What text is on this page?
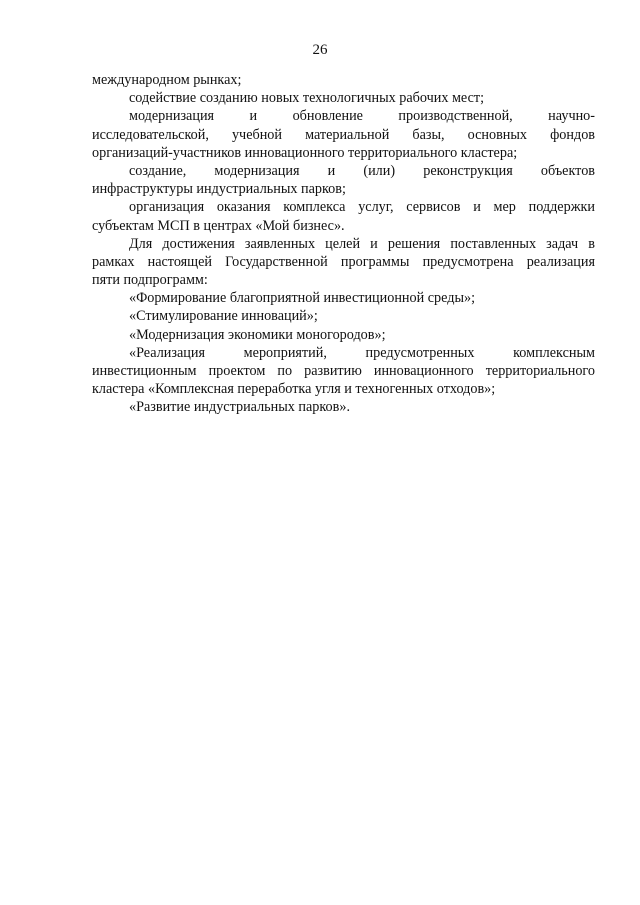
26
международном рынках;
содействие созданию новых технологичных рабочих мест;
модернизация и обновление производственной, научно-
исследовательской, учебной материальной базы, основных фондов
организаций-участников инновационного территориального кластера;
создание, модернизация и (или) реконструкция объектов
инфраструктуры индустриальных парков;
организация оказания комплекса услуг, сервисов и мер поддержки
субъектам МСП в центрах «Мой бизнес».
Для достижения заявленных целей и решения поставленных задач в
рамках настоящей Государственной программы предусмотрена реализация
пяти подпрограмм:
«Формирование благоприятной инвестиционной среды»;
«Стимулирование инноваций»;
«Модернизация экономики моногородов»;
«Реализация мероприятий, предусмотренных комплексным
инвестиционным проектом по развитию инновационного территориального
кластера «Комплексная переработка угля и техногенных отходов»;
«Развитие индустриальных парков».
